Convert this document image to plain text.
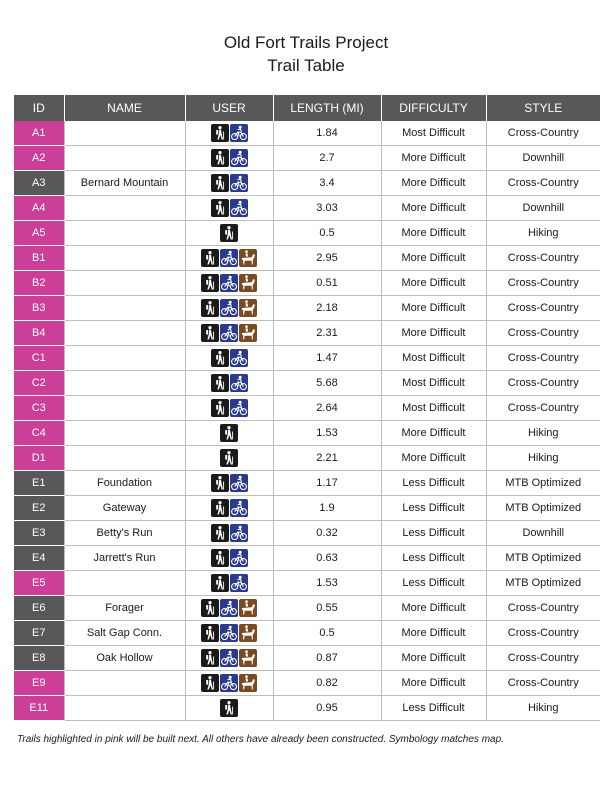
Old Fort Trails Project
Trail Table
ID	NAME	USER	LENGTH (MI)	DIFFICULTY	STYLE
A1			1.84	Most Difficult	Cross-Country
A2			2.7	More Difficult	Downhill
A3	Bernard Mountain		3.4	More Difficult	Cross-Country
A4			3.03	More Difficult	Downhill
A5			0.5	More Difficult	Hiking
B1			2.95	More Difficult	Cross-Country
B2			0.51	More Difficult	Cross-Country
B3			2.18	More Difficult	Cross-Country
B4			2.31	More Difficult	Cross-Country
C1			1.47	Most Difficult	Cross-Country
C2			5.68	Most Difficult	Cross-Country
C3			2.64	Most Difficult	Cross-Country
C4			1.53	More Difficult	Hiking
D1			2.21	More Difficult	Hiking
E1	Foundation		1.17	Less Difficult	MTB Optimized
E2	Gateway		1.9	Less Difficult	MTB Optimized
E3	Betty's Run		0.32	Less Difficult	Downhill
E4	Jarrett's Run		0.63	Less Difficult	MTB Optimized
E5			1.53	Less Difficult	MTB Optimized
E6	Forager		0.55	More Difficult	Cross-Country
E7	Salt Gap Conn.		0.5	More Difficult	Cross-Country
E8	Oak Hollow		0.87	More Difficult	Cross-Country
E9			0.82	More Difficult	Cross-Country
E11			0.95	Less Difficult	Hiking
Trails highlighted in pink will be built next. All others have already been constructed. Symbology matches map.
